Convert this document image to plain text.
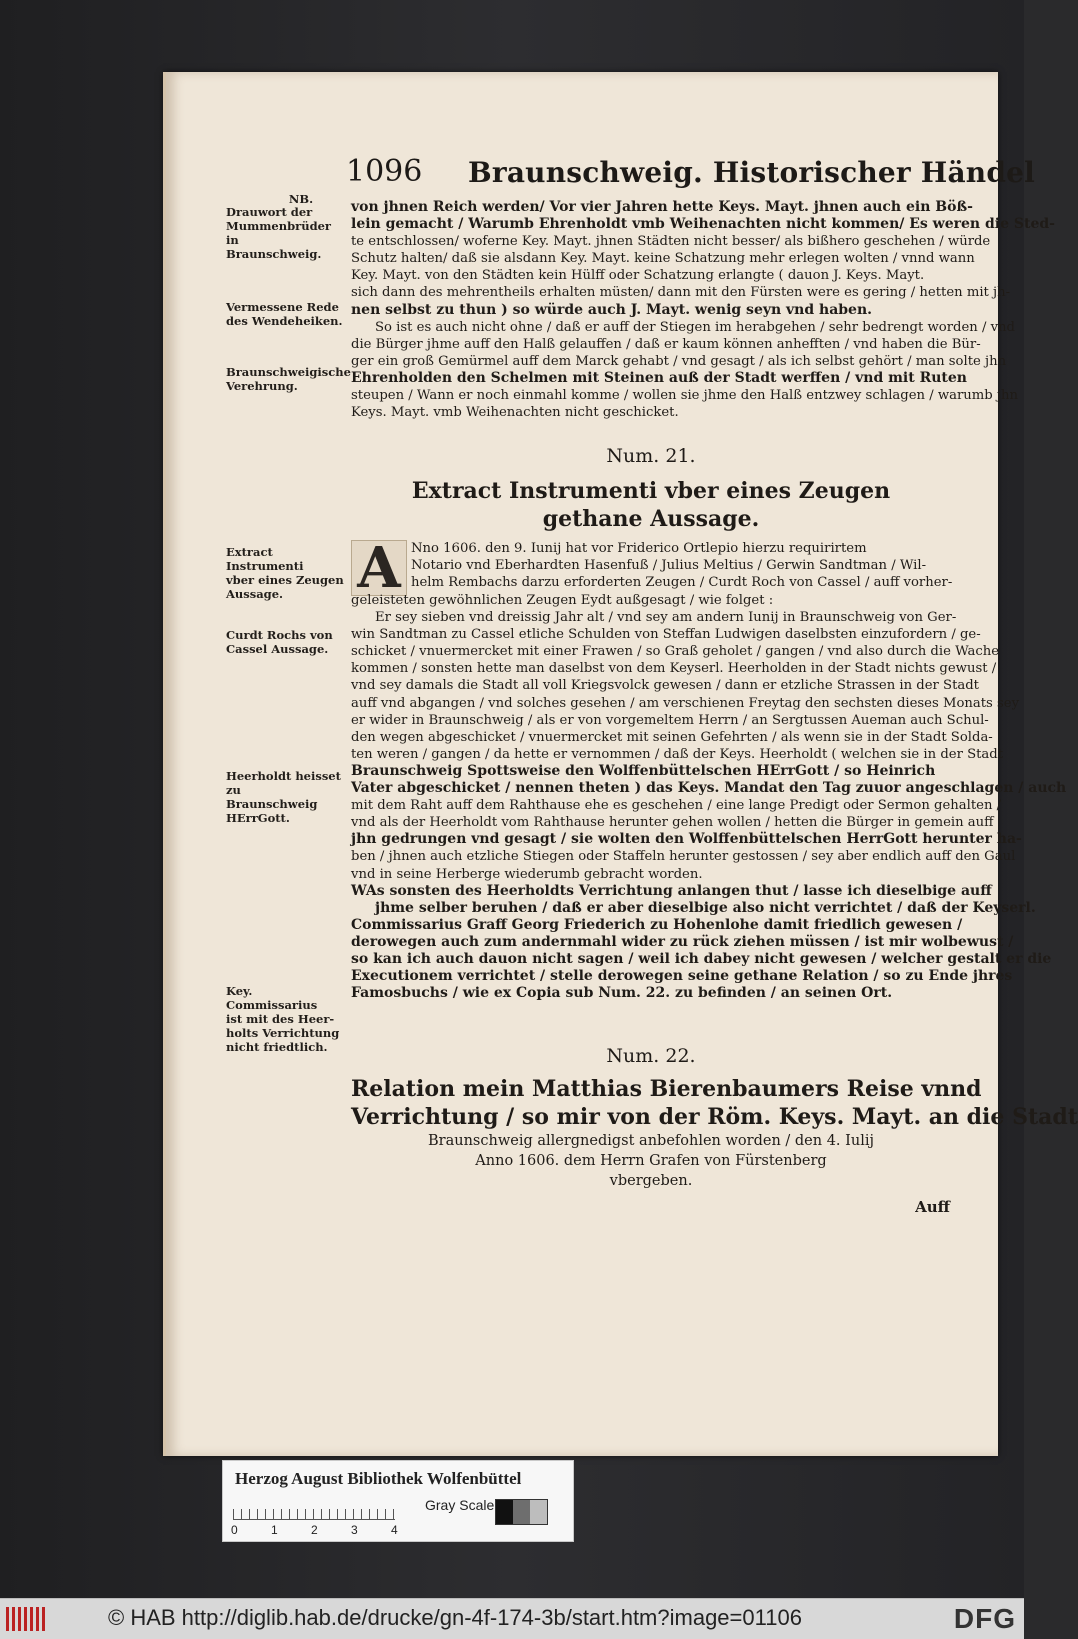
1096 Braunschweig. Historischer Händel
NB.
Drauwort der
Mummenbrüder in
Braunschweig.
Vermessene Rede
des Wendeheiken.
Braunschweigische
Verehrung.
Extract Instrumenti
vber eines Zeugen
Aussage.
Curdt Rochs von
Cassel Aussage.
Heerholdt heisset zu
Braunschweig
HErrGott.
Key. Commissarius
ist mit des Heer-
holts Verrichtung
nicht friedtlich.
von jhnen Reich werden/ Vor vier Jahren hette Keys. Mayt. jhnen auch ein Böß-
lein gemacht / Warumb Ehrenholdt vmb Weihenachten nicht kommen/ Es weren die Sted-
te entschlossen/ woferne Key. Mayt. jhnen Städten nicht besser/ als bißhero geschehen / würde
Schutz halten/ daß sie alsdann Key. Mayt. keine Schatzung mehr erlegen wolten / vnnd wann
Key. Mayt. von den Städten kein Hülff oder Schatzung erlangte ( dauon J. Keys. Mayt.
sich dann des mehrentheils erhalten müsten/ dann mit den Fürsten were es gering / hetten mit jh-
nen selbst zu thun ) so würde auch J. Mayt. wenig seyn vnd haben.
So ist es auch nicht ohne / daß er auff der Stiegen im herabgehen / sehr bedrengt worden / vnd
die Bürger jhme auff den Halß gelauffen / daß er kaum können anhefften / vnd haben die Bür-
ger ein groß Gemürmel auff dem Marck gehabt / vnd gesagt / als ich selbst gehört / man solte jhn
Ehrenholden den Schelmen mit Steinen auß der Stadt werffen / vnd mit Ruten
steupen / Wann er noch einmahl komme / wollen sie jhme den Halß entzwey schlagen / warumb jhn
Keys. Mayt. vmb Weihenachten nicht geschicket.
Num. 21.
Extract Instrumenti vber eines Zeugen
gethane Aussage.
A Nno 1606. den 9. Iunij hat vor Friderico Ortlepio hierzu requirirtem
Notario vnd Eberhardten Hasenfuß / Julius Meltius / Gerwin Sandtman / Wil-
helm Rembachs darzu erforderten Zeugen / Curdt Roch von Cassel / auff vorher-
geleisteten gewöhnlichen Zeugen Eydt außgesagt / wie folget :
Er sey sieben vnd dreissig Jahr alt / vnd sey am andern Iunij in Braunschweig von Ger-
win Sandtman zu Cassel etliche Schulden von Steffan Ludwigen daselbsten einzufordern / ge-
schicket / vnuermercket mit einer Frawen / so Graß geholet / gangen / vnd also durch die Wache
kommen / sonsten hette man daselbst von dem Keyserl. Heerholden in der Stadt nichts gewust /
vnd sey damals die Stadt all voll Kriegsvolck gewesen / dann er etzliche Strassen in der Stadt
auff vnd abgangen / vnd solches gesehen / am verschienen Freytag den sechsten dieses Monats sey
er wider in Braunschweig / als er von vorgemeltem Herrn / an Sergtussen Aueman auch Schul-
den wegen abgeschicket / vnuermercket mit seinen Gefehrten / als wenn sie in der Stadt Solda-
ten weren / gangen / da hette er vernommen / daß der Keys. Heerholdt ( welchen sie in der Stadt
Braunschweig Spottsweise den Wolffenbüttelschen HErrGott / so Heinrich
Vater abgeschicket / nennen theten ) das Keys. Mandat den Tag zuuor angeschlagen / auch
mit dem Raht auff dem Rahthause ehe es geschehen / eine lange Predigt oder Sermon gehalten /
vnd als der Heerholdt vom Rahthause herunter gehen wollen / hetten die Bürger in gemein auff
jhn gedrungen vnd gesagt / sie wolten den Wolffenbüttelschen HerrGott herunter ha-
ben / jhnen auch etzliche Stiegen oder Staffeln herunter gestossen / sey aber endlich auff den Gaul
vnd in seine Herberge wiederumb gebracht worden.
WAs sonsten des Heerholdts Verrichtung anlangen thut / lasse ich dieselbige auff
jhme selber beruhen / daß er aber dieselbige also nicht verrichtet / daß der Keyserl.
Commissarius Graff Georg Friederich zu Hohenlohe damit friedlich gewesen /
derowegen auch zum andernmahl wider zu rück ziehen müssen / ist mir wolbewust /
so kan ich auch dauon nicht sagen / weil ich dabey nicht gewesen / welcher gestalt er die
Executionem verrichtet / stelle derowegen seine gethane Relation / so zu Ende jhres
Famosbuchs / wie ex Copia sub Num. 22. zu befinden / an seinen Ort.
Num. 22.
Relation mein Matthias Bierenbaumers Reise vnnd
Verrichtung / so mir von der Röm. Keys. Mayt. an die Stadt
Braunschweig allergnedigst anbefohlen worden / den 4. Iulij
Anno 1606. dem Herrn Grafen von Fürstenberg
vbergeben.
Auff
Herzog August Bibliothek Wolfenbüttel
0	1	2	3	4
Gray Scale
© HAB http://diglib.hab.de/drucke/gn-4f-174-3b/start.htm?image=01106	DFG
